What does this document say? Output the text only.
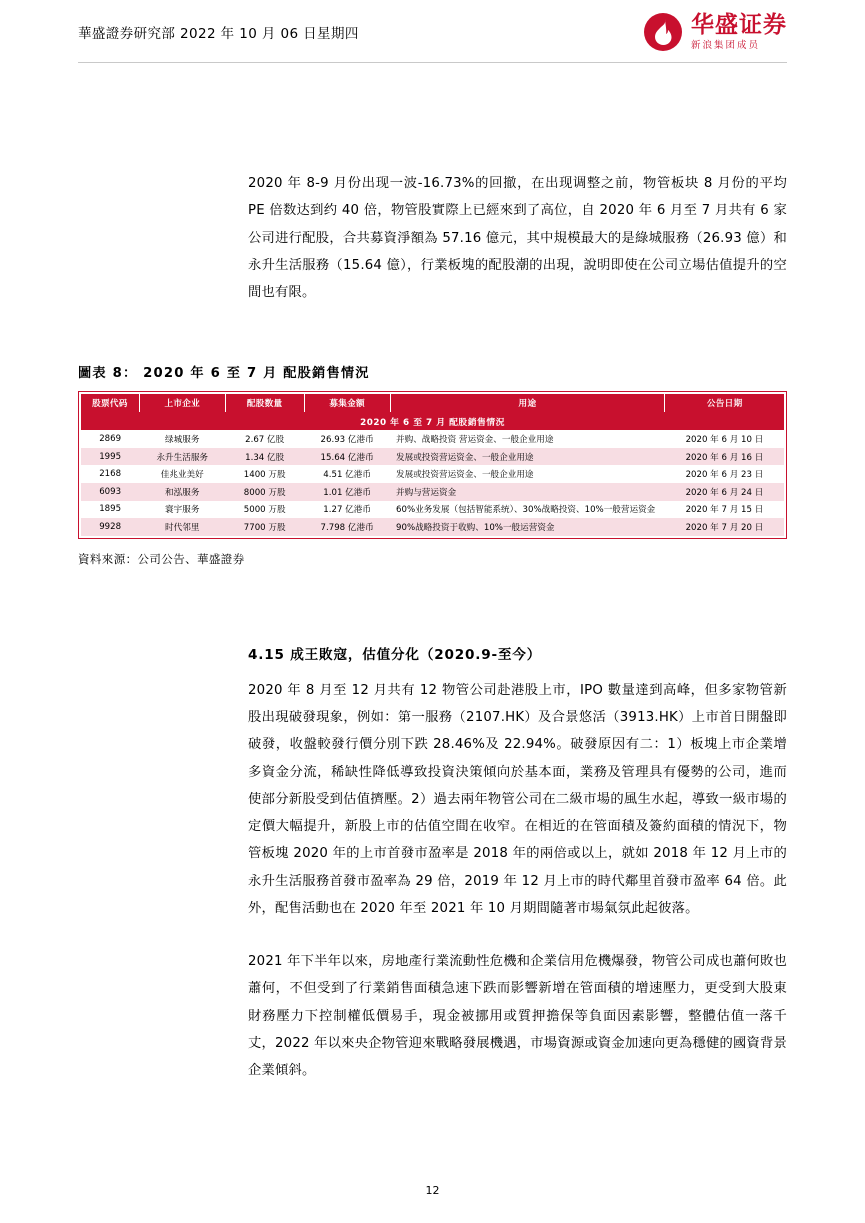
華盛證券研究部 2022 年 10 月 06 日星期四	华盛证券
新浪集团成员
2020 年 8-9 月份出现一波-16.73%的回撤，在出现调整之前，物管板块 8 月份的平均 PE 倍数达到约 40 倍，物管股實際上已經來到了高位，自 2020 年 6 月至 7 月共有 6 家公司进行配股，合共募資淨額為 57.16 億元，其中規模最大的是綠城服務（26.93 億）和永升生活服務（15.64 億），行業板塊的配股潮的出現，說明即使在公司立場估值提升的空間也有限。
圖表 8： 2020 年 6 至 7 月 配股銷售情況
2020 年 6 至 7 月 配股銷售情況					
股票代码	上市企业	配股数量	募集金额	用途	公告日期
2869	绿城服务	2.67 亿股	26.93 亿港币	并购、战略投资 营运资金、一般企业用途	2020 年 6 月 10 日
1995	永升生活服务	1.34 亿股	15.64 亿港币	发展或投资营运资金、一般企业用途	2020 年 6 月 16 日
2168	佳兆业美好	1400 万股	4.51 亿港币	发展或投资营运资金、一般企业用途	2020 年 6 月 23 日
6093	和泓服务	8000 万股	1.01 亿港币	并购与营运资金	2020 年 6 月 24 日
1895	寰宇服务	5000 万股	1.27 亿港币	60%业务发展（包括智能系统）、30%战略投资、10%一般营运资金	2020 年 7 月 15 日
9928	时代邻里	7700 万股	7.798 亿港币	90%战略投资于收购、10%一般运营资金	2020 年 7 月 20 日
資料來源：公司公告、華盛證券
4.15 成王敗寇，估值分化（2020.9-至今）
2020 年 8 月至 12 月共有 12 物管公司赴港股上市，IPO 數量達到高峰，但多家物管新股出現破發現象，例如：第一服務（2107.HK）及合景悠活（3913.HK）上市首日開盤即破發，收盤較發行價分別下跌 28.46%及 22.94%。破發原因有二：1）板塊上市企業增多資金分流，稀缺性降低導致投資決策傾向於基本面，業務及管理具有優勢的公司，進而使部分新股受到估值擠壓。2）過去兩年物管公司在二級市場的風生水起，導致一級市場的定價大幅提升，新股上市的估值空間在收窄。在相近的在管面積及簽約面積的情況下，物管板塊 2020 年的上市首發市盈率是 2018 年的兩倍或以上，就如 2018 年 12 月上市的永升生活服務首發市盈率為 29 倍，2019 年 12 月上市的時代鄰里首發市盈率 64 倍。此外，配售活動也在 2020 年至 2021 年 10 月期間隨著市場氣氛此起彼落。
2021 年下半年以來，房地產行業流動性危機和企業信用危機爆發，物管公司成也蕭何敗也蕭何，不但受到了行業銷售面積急速下跌而影響新增在管面積的增速壓力，更受到大股東財務壓力下控制權低價易手，現金被挪用或質押擔保等負面因素影響，整體估值一落千丈，2022 年以來央企物管迎來戰略發展機遇，市場資源或資金加速向更為穩健的國資背景企業傾斜。
12
